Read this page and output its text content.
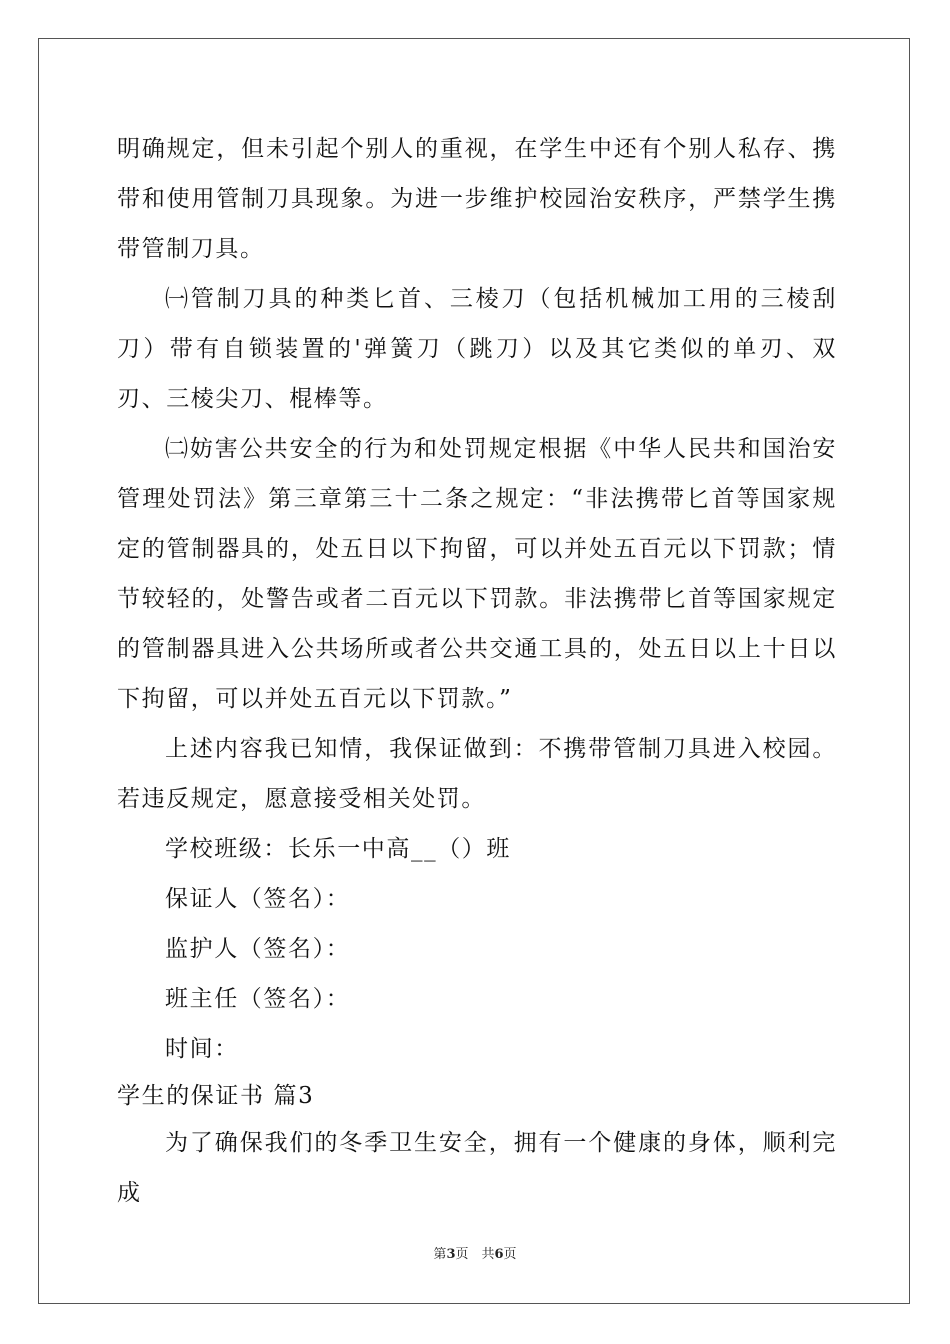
明确规定，但未引起个别人的重视，在学生中还有个别人私存、携带和使用管制刀具现象。为进一步维护校园治安秩序，严禁学生携带管制刀具。

㈠管制刀具的种类匕首、三棱刀（包括机械加工用的三棱刮刀）带有自锁装置的'弹簧刀（跳刀）以及其它类似的单刃、双刃、三棱尖刀、棍棒等。

㈡妨害公共安全的行为和处罚规定根据《中华人民共和国治安管理处罚法》第三章第三十二条之规定：“非法携带匕首等国家规定的管制器具的，处五日以下拘留，可以并处五百元以下罚款；情节较轻的，处警告或者二百元以下罚款。非法携带匕首等国家规定的管制器具进入公共场所或者公共交通工具的，处五日以上十日以下拘留，可以并处五百元以下罚款。”

上述内容我已知情，我保证做到：不携带管制刀具进入校园。若违反规定，愿意接受相关处罚。

学校班级：长乐一中高__（）班

保证人（签名）：

监护人（签名）：

班主任（签名）：

时间：

学生的保证书 篇3

为了确保我们的冬季卫生安全，拥有一个健康的身体，顺利完成

第3页　共6页
